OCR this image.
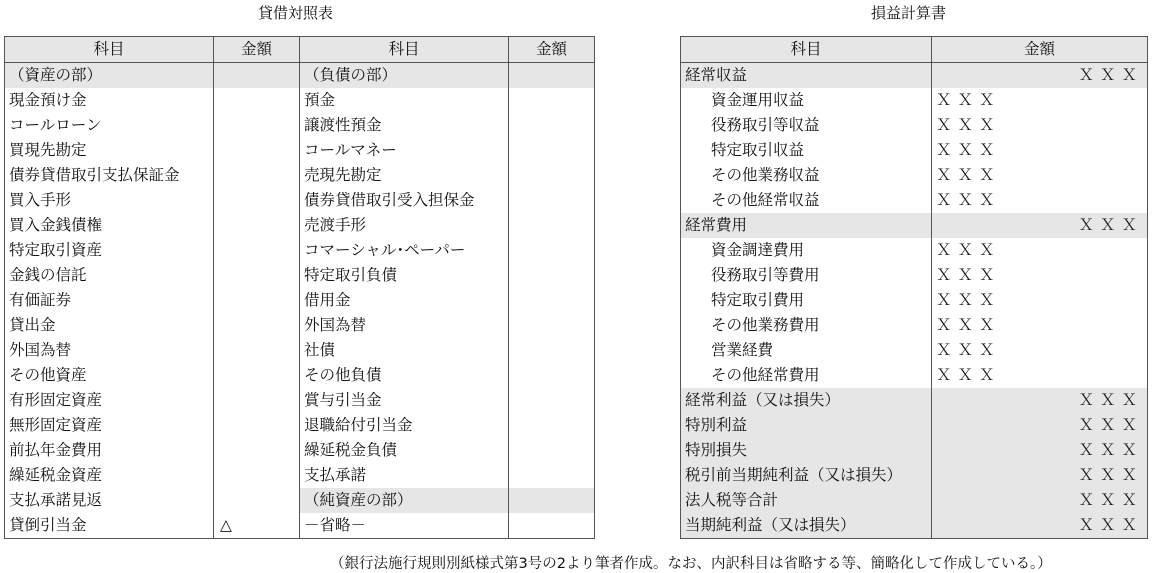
貸借対照表	損益計算書
科目	金額	科目	金額
（資産の部）		（負債の部）	
現金預け金		預金	
コールローン		譲渡性預金	
買現先勘定		コールマネー	
債券貸借取引支払保証金		売現先勘定	
買入手形		債券貸借取引受入担保金	
買入金銭債権		売渡手形	
特定取引資産		コマーシャル･ペーパー	
金銭の信託		特定取引負債	
有価証券		借用金	
貸出金		外国為替	
外国為替		社債	
その他資産		その他負債	
有形固定資産		賞与引当金	
無形固定資産		退職給付引当金	
前払年金費用		繰延税金負債	
繰延税金資産		支払承諾	
支払承諾見返		（純資産の部）	
貸倒引当金	△	－省略－	
科目	金額
経常収益	ＸＸＸ
資金運用収益	ＸＸＸ
役務取引等収益	ＸＸＸ
特定取引収益	ＸＸＸ
その他業務収益	ＸＸＸ
その他経常収益	ＸＸＸ
経常費用	ＸＸＸ
資金調達費用	ＸＸＸ
役務取引等費用	ＸＸＸ
特定取引費用	ＸＸＸ
その他業務費用	ＸＸＸ
営業経費	ＸＸＸ
その他経常費用	ＸＸＸ
経常利益（又は損失）	ＸＸＸ
特別利益	ＸＸＸ
特別損失	ＸＸＸ
税引前当期純利益（又は損失）	ＸＸＸ
法人税等合計	ＸＸＸ
当期純利益（又は損失）	ＸＸＸ
（銀行法施行規則別紙様式第3号の2より筆者作成。なお、内訳科目は省略する等、簡略化して作成している。）
